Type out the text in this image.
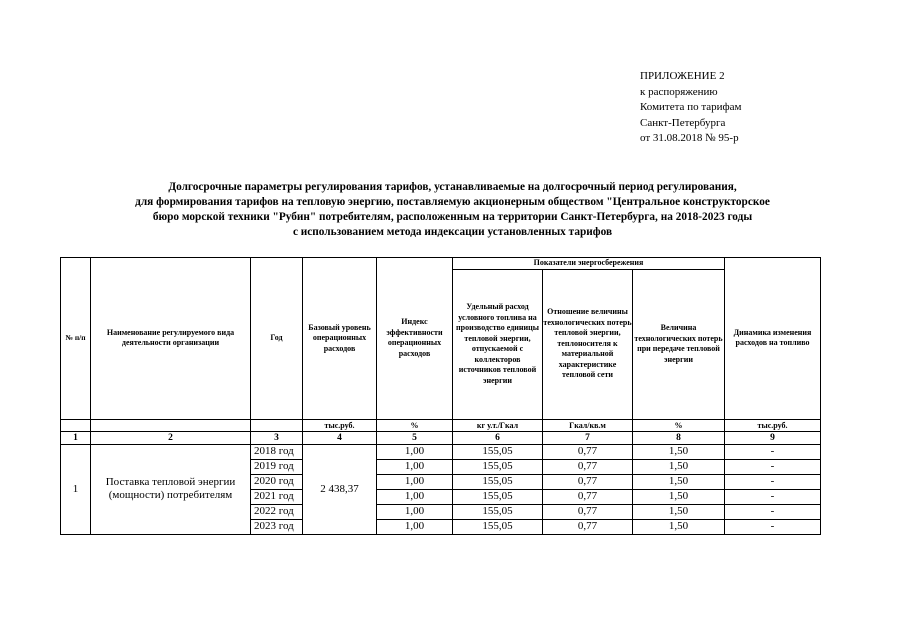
ПРИЛОЖЕНИЕ 2
к распоряжению
Комитета по тарифам
Санкт-Петербурга
от 31.08.2018 № 95-р
Долгосрочные параметры регулирования тарифов, устанавливаемые на долгосрочный период регулирования,
для формирования тарифов на тепловую энергию, поставляемую акционерным обществом "Центральное конструкторское
бюро морской техники "Рубин" потребителям, расположенным на территории Санкт-Петербурга, на 2018-2023 годы
с использованием метода индексации установленных тарифов
№ п/п	Наименование регулируемого вида деятельности организации	Год	Базовый уровень операционных расходов	Индекс эффективности операционных расходов	Показатели энергосбережения			Динамика изменения расходов на топливо
					Удельный расход условного топлива на производство единицы тепловой энергии, отпускаемой с коллекторов источников тепловой энергии	Отношение величины технологических потерь тепловой энергии, теплоносителя к материальной характеристике тепловой сети	Величина технологических потерь при передаче тепловой энергии	
			тыс.руб.	%	кг у.т./Гкал	Гкал/кв.м	%	тыс.руб.
1	2	3	4	5	6	7	8	9
1	Поставка тепловой энергии (мощности) потребителям	2018 год	2 438,37	1,00	155,05	0,77	1,50	-
		2019 год		1,00	155,05	0,77	1,50	-
		2020 год		1,00	155,05	0,77	1,50	-
		2021 год		1,00	155,05	0,77	1,50	-
		2022 год		1,00	155,05	0,77	1,50	-
		2023 год		1,00	155,05	0,77	1,50	-
